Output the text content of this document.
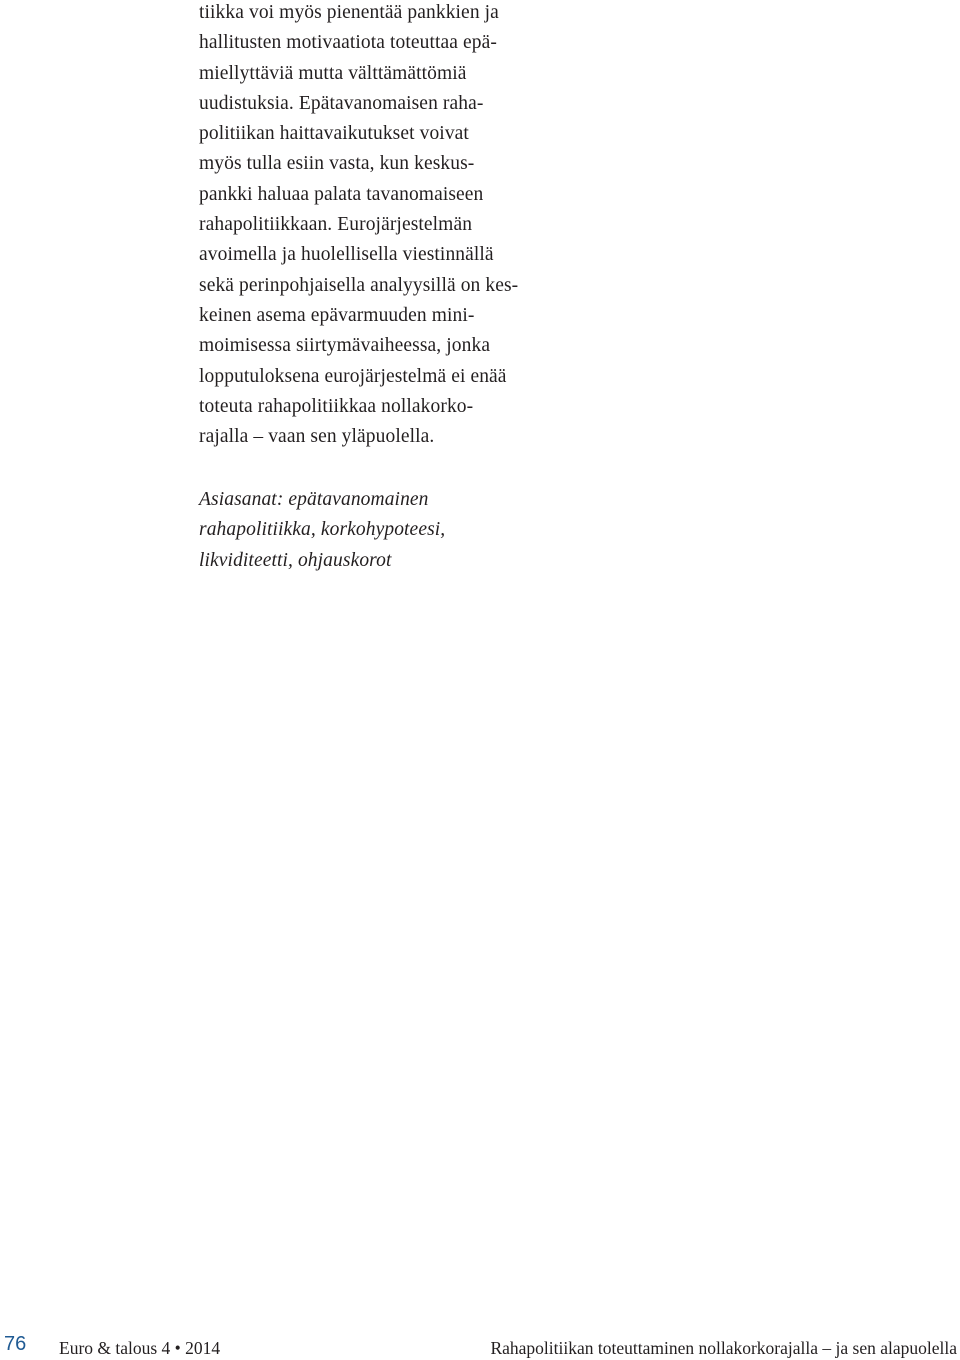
tiikka voi myös pienentää pankkien ja
hallitusten motivaatiota toteuttaa epä-
miellyttäviä mutta välttämättömiä
uudistuksia. Epätavanomaisen raha-
politiikan haittavaikutukset voivat
myös tulla esiin vasta, kun keskus-
pankki haluaa palata tavanomaiseen
rahapolitiikkaan. Eurojärjestelmän
avoimella ja huolellisella viestinnällä
sekä perinpohjaisella analyysillä on kes-
keinen asema epävarmuuden mini-
moimisessa siirtymävaiheessa, jonka
lopputuloksena eurojärjestelmä ei enää
toteuta rahapolitiikkaa nollakorko-
rajalla – vaan sen yläpuolella.
Asiasanat: epätavanomainen
rahapolitiikka, korkohypoteesi,
likviditeetti, ohjauskorot
76 Euro & talous 4 • 2014	Rahapolitiikan toteuttaminen nollakorkorajalla – ja sen alapuolella
